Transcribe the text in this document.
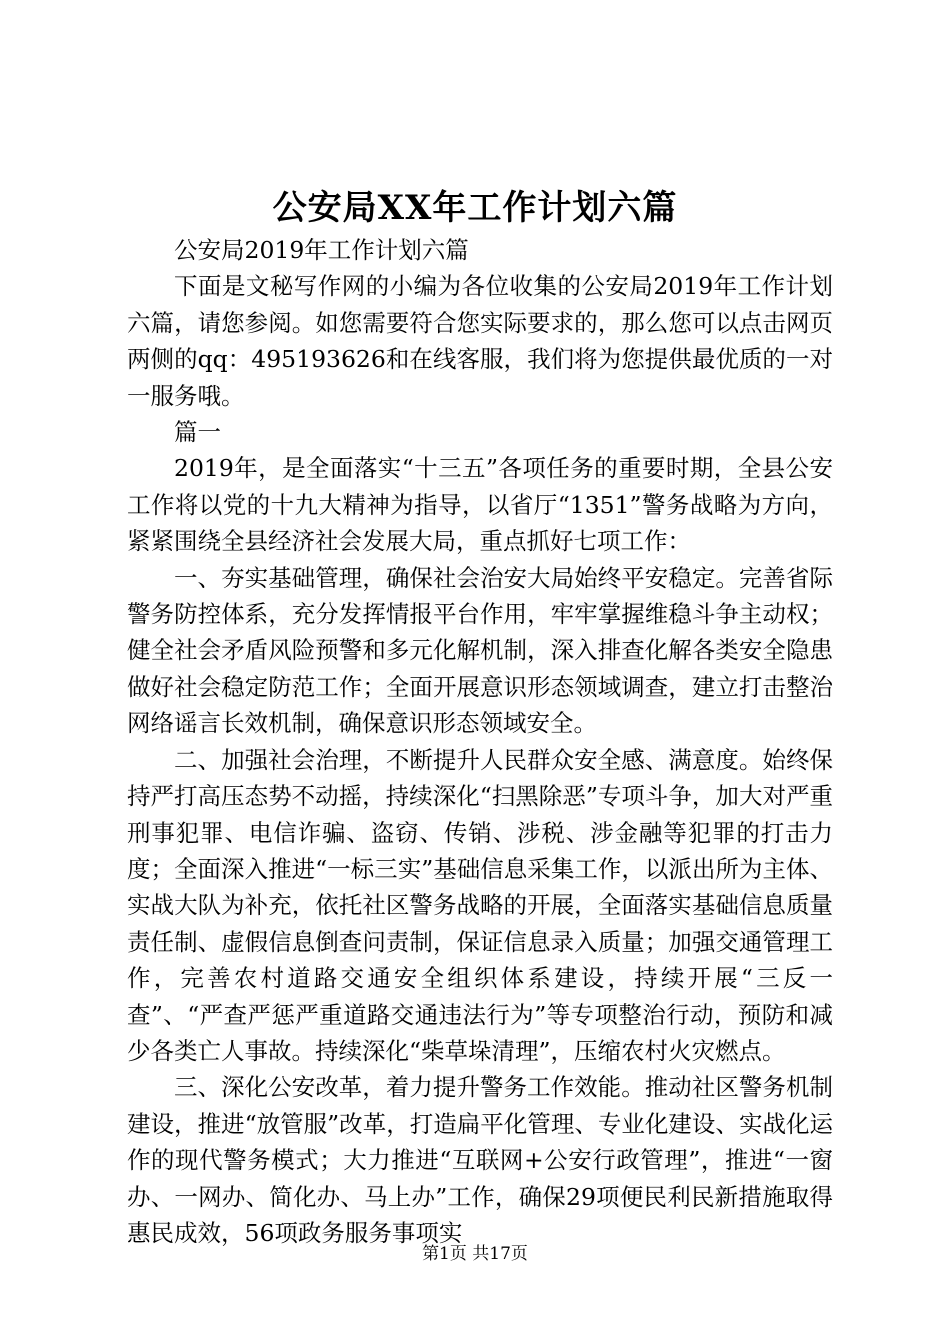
公安局XX年工作计划六篇

公安局2019年工作计划六篇

下面是文秘写作网的小编为各位收集的公安局2019年工作计划六篇，请您参阅。如您需要符合您实际要求的，那么您可以点击网页两侧的qq：495193626和在线客服，我们将为您提供最优质的一对一服务哦。

篇一

2019年，是全面落实“十三五”各项任务的重要时期，全县公安工作将以党的十九大精神为指导，以省厅“1351”警务战略为方向，紧紧围绕全县经济社会发展大局，重点抓好七项工作：

一、夯实基础管理，确保社会治安大局始终平安稳定。完善省际警务防控体系，充分发挥情报平台作用，牢牢掌握维稳斗争主动权；健全社会矛盾风险预警和多元化解机制，深入排查化解各类安全隐患做好社会稳定防范工作；全面开展意识形态领域调查，建立打击整治网络谣言长效机制，确保意识形态领域安全。

二、加强社会治理，不断提升人民群众安全感、满意度。始终保持严打高压态势不动摇，持续深化“扫黑除恶”专项斗争，加大对严重刑事犯罪、电信诈骗、盗窃、传销、涉税、涉金融等犯罪的打击力度；全面深入推进“一标三实”基础信息采集工作，以派出所为主体、实战大队为补充，依托社区警务战略的开展，全面落实基础信息质量责任制、虚假信息倒查问责制，保证信息录入质量；加强交通管理工作，完善农村道路交通安全组织体系建设，持续开展“三反一查”、“严查严惩严重道路交通违法行为”等专项整治行动，预防和减少各类亡人事故。持续深化“柴草垛清理”，压缩农村火灾燃点。

三、深化公安改革，着力提升警务工作效能。推动社区警务机制建设，推进“放管服”改革，打造扁平化管理、专业化建设、实战化运作的现代警务模式；大力推进“互联网+公安行政管理”，推进“一窗办、一网办、简化办、马上办”工作，确保29项便民利民新措施取得惠民成效，56项政务服务事项实

第1页 共17页
